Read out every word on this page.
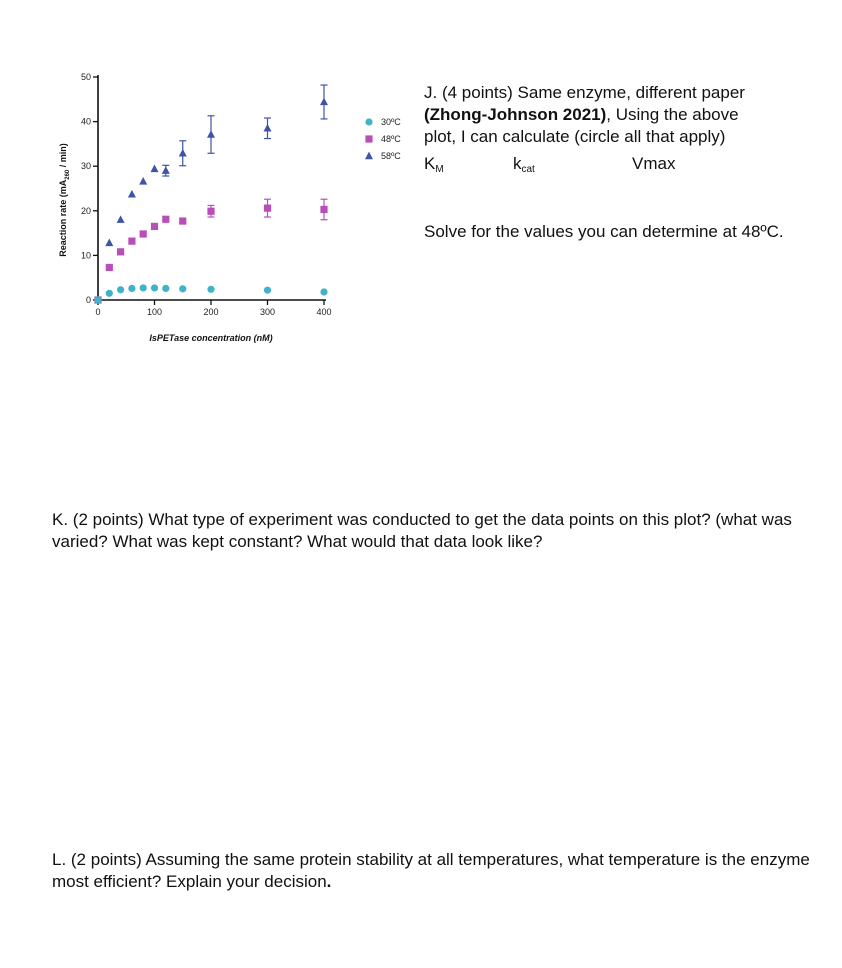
0
10
20
30
40
50
0	100	200	300	400
Reaction rate $(mA_{260} / \min)$
IsPETase concentration (nM)
30ºC
48ºC
58ºC

J. (4 points) Same enzyme, different paper
(Zhong-Johnson 2021), Using the above
plot, I can calculate (circle all that apply)

$K_M$	$k_{cat}$	Vmax

Solve for the values you can determine at 48ºC.

K. (2 points) What type of experiment was conducted to get the data points on this plot? (what was varied? What was kept constant? What would that data look like?

L. (2 points) Assuming the same protein stability at all temperatures, what temperature is the enzyme most efficient? Explain your decision.
